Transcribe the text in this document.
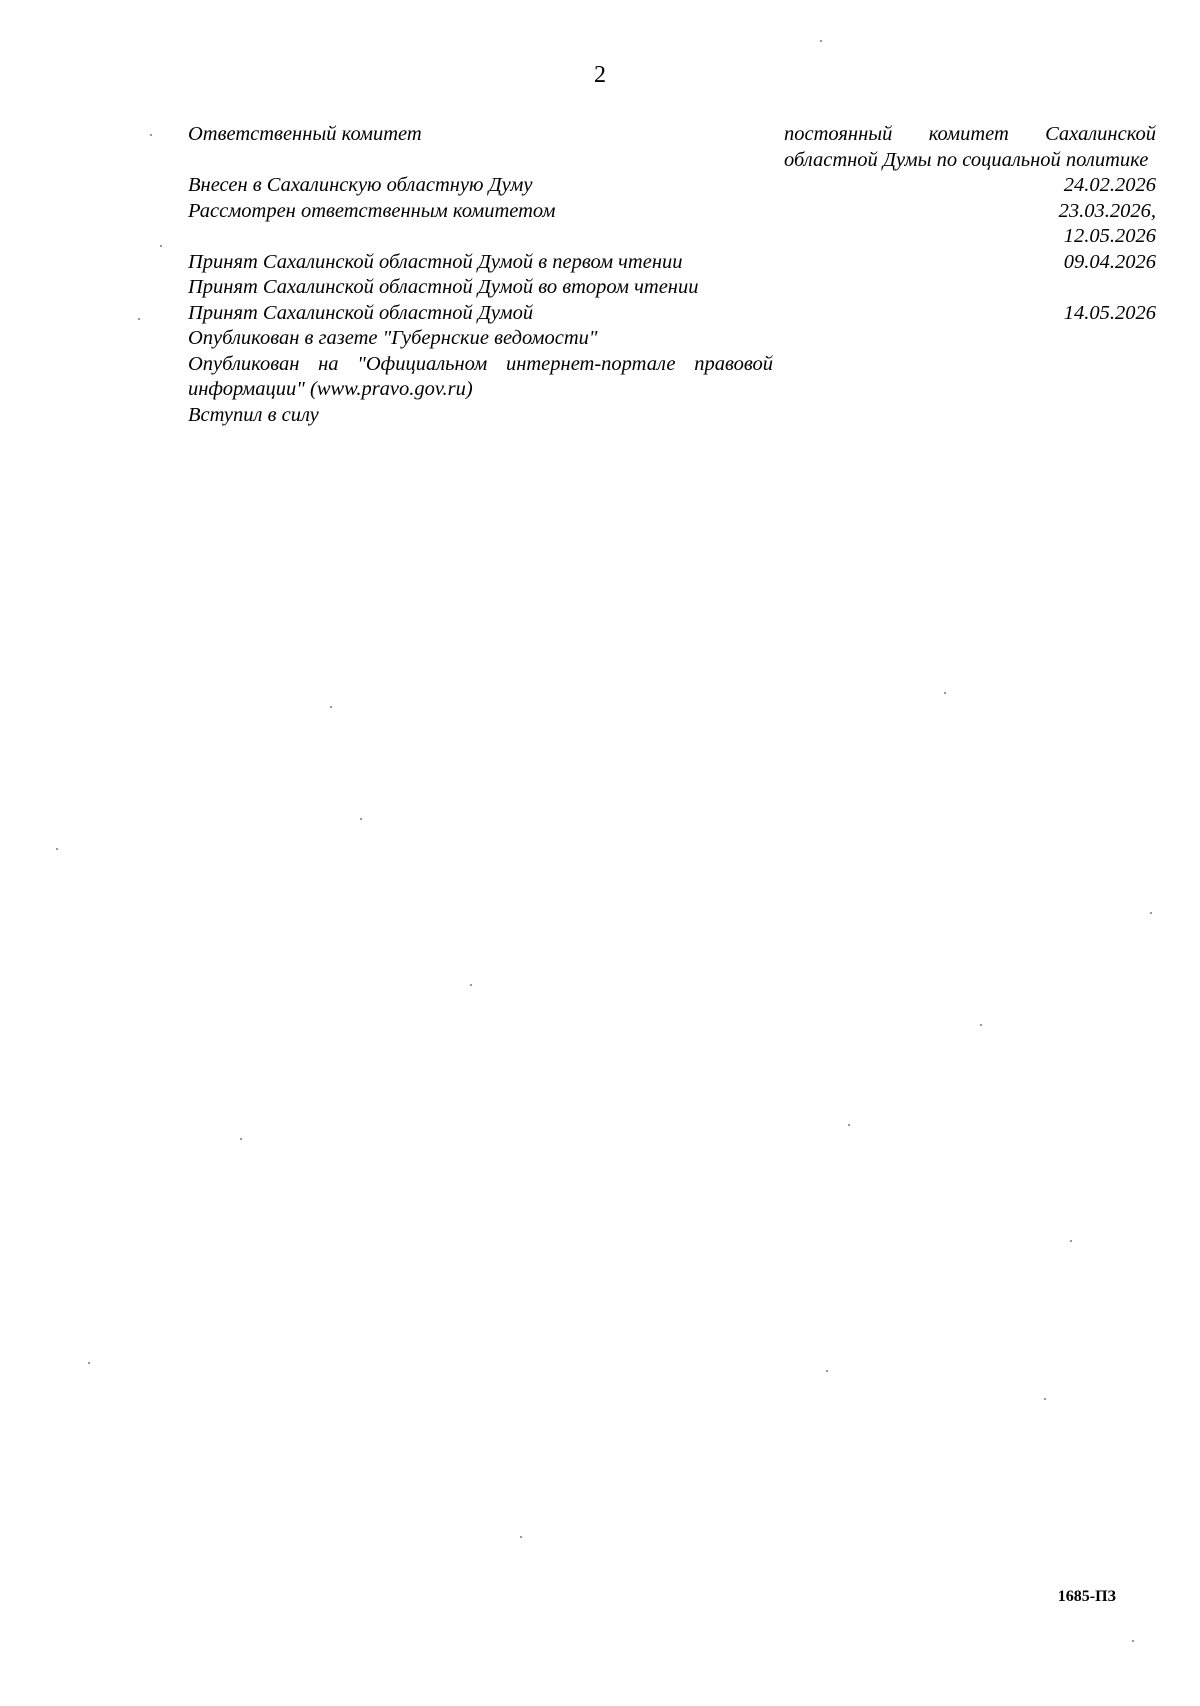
2
Ответственный комитет	постоянный комитет Сахалинской областной Думы по социальной политике
Внесен в Сахалинскую областную Думу	24.02.2026
Рассмотрен ответственным комитетом	23.03.2026,
12.05.2026
Принят Сахалинской областной Думой в первом чтении	09.04.2026
Принят Сахалинской областной Думой во втором чтении
Принят Сахалинской областной Думой	14.05.2026
Опубликован в газете "Губернские ведомости"
Опубликован на "Официальном интернет-портале правовой информации" (www.pravo.gov.ru)
Вступил в силу
1685-ПЗ
